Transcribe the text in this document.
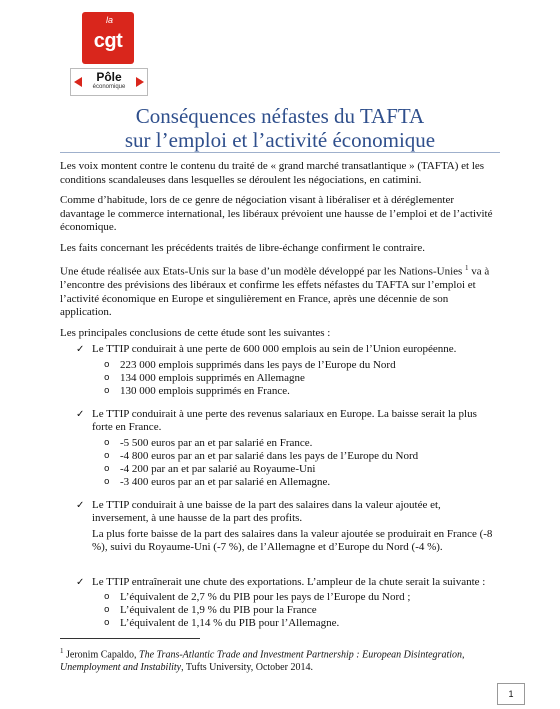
la
cgt
Pôle
économique
Conséquences néfastes du TAFTA
sur l’emploi et l’activité économique

Les voix montent contre le contenu du traité de « grand marché transatlantique » (TAFTA) et les conditions scandaleuses dans lesquelles se déroulent les négociations, en catimini.

Comme d’habitude, lors de ce genre de négociation visant à libéraliser et à déréglementer davantage le commerce international, les libéraux prévoient une hausse de l’emploi et de l’activité économique.

Les faits concernant les précédents traités de libre-échange confirment le contraire.

Une étude réalisée aux Etats-Unis sur la base d’un modèle développé par les Nations-Unies $^1$ va à l’encontre des prévisions des libéraux et confirme les effets néfastes du TAFTA sur l’emploi et l’activité économique en Europe et singulièrement en France, après une décennie de son application.

Les principales conclusions de cette étude sont les suivantes :

✓ Le TTIP conduirait à une perte de 600 000 emplois au sein de l’Union européenne.
o 223 000 emplois supprimés dans les pays de l’Europe du Nord
o 134 000 emplois supprimés en Allemagne
o 130 000 emplois supprimés en France.
✓ Le TTIP conduirait à une perte des revenus salariaux en Europe. La baisse serait la plus forte en France.
o -5 500 euros par an et par salarié en France.
o -4 800 euros par an et par salarié dans les pays de l’Europe du Nord
o -4 200 par an et par salarié au Royaume-Uni
o -3 400 euros par an et par salarié en Allemagne.
✓ Le TTIP conduirait à une baisse de la part des salaires dans la valeur ajoutée et, inversement, à une hausse de la part des profits.

La plus forte baisse de la part des salaires dans la valeur ajoutée se produirait en France (-8 %), suivi du Royaume-Uni (-7 %), de l’Allemagne et d’Europe du Nord (-4 %).

✓ Le TTIP entraînerait une chute des exportations. L’ampleur de la chute serait la suivante :
o L’équivalent de 2,7 % du PIB pour les pays de l’Europe du Nord ;
o L’équivalent de 1,9 % du PIB pour la France
o L’équivalent de 1,14 % du PIB pour l’Allemagne.
$^1$ Jeronim Capaldo, The Trans-Atlantic Trade and Investment Partnership : European Disintegration, Unemployment and Instability, Tufts University, October 2014.
1
